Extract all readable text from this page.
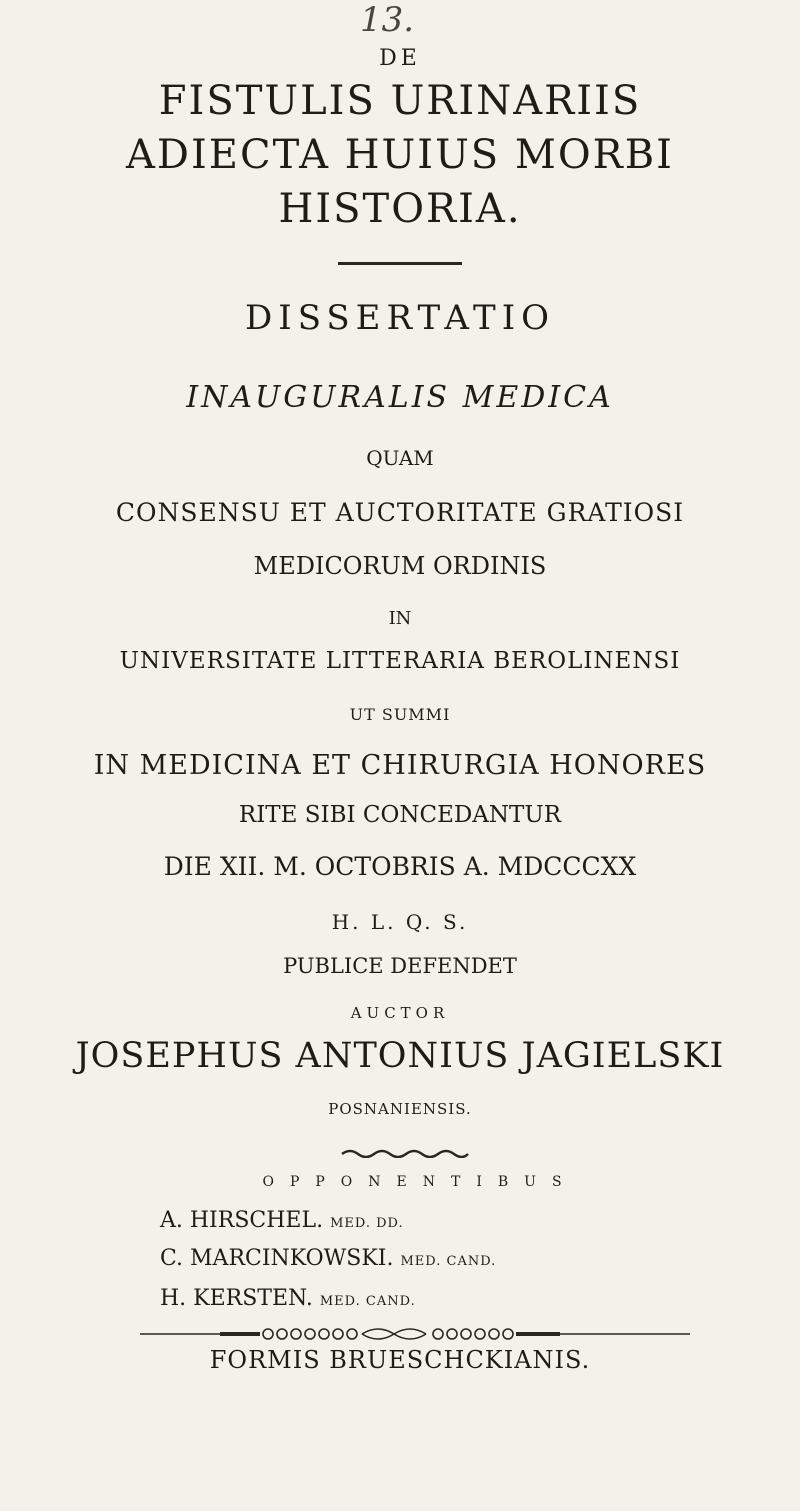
13.
DE
FISTULIS URINARIIS
ADIECTA HUIUS MORBI
HISTORIA.
DISSERTATIO
INAUGURALIS MEDICA
QUAM
CONSENSU ET AUCTORITATE GRATIOSI
MEDICORUM ORDINIS
IN
UNIVERSITATE LITTERARIA BEROLINENSI
UT SUMMI
IN MEDICINA ET CHIRURGIA HONORES
RITE SIBI CONCEDANTUR
DIE XII. M. OCTOBRIS A. MDCCCXX
H. L. Q. S.
PUBLICE DEFENDET
AUCTOR
JOSEPHUS ANTONIUS JAGIELSKI
POSNANIENSIS.
OPPONENTIBUS
A. HIRSCHEL. MED. DD.
C. MARCINKOWSKI. MED. CAND.
H. KERSTEN. MED. CAND.
FORMIS BRUESCHCKIANIS.
